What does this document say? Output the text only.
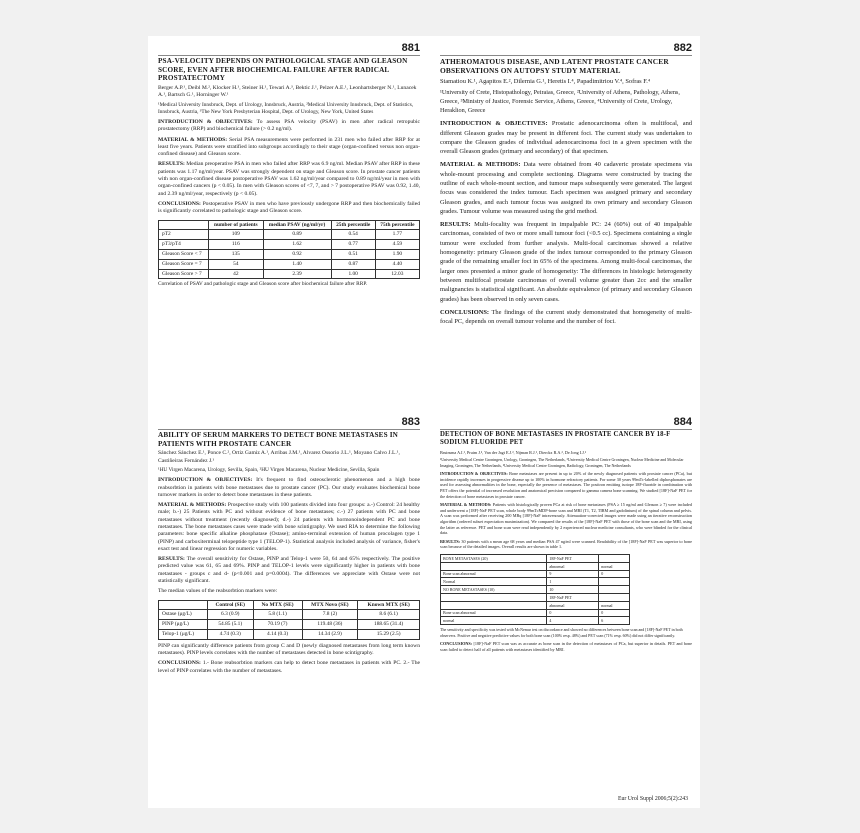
881
PSA-VELOCITY DEPENDS ON PATHOLOGICAL STAGE AND GLEASON SCORE, EVEN AFTER BIOCHEMICAL FAILURE AFTER RADICAL PROSTATECTOMY
Berger A.P.¹, Deibl M.², Klocker H.¹, Steiner H.¹, Tewari A.³, Bektic J.¹, Pelzer A.E.¹, Leonhartsberger N.¹, Lunacek A.¹, Bartsch G.¹, Horninger W.¹
¹Medical University Innsbruck, Dept. of Urology, Innsbruck, Austria, ²Medical University Innsbruck, Dept. of Statistics, Innsbruck, Austria, ³The New York Presbyterian Hospital, Dept. of Urology, New York, United States
INTRODUCTION & OBJECTIVES: To assess PSA velocity (PSAV) in men after radical retropubic prostatectomy (RRP) and biochemical failure (> 0.2 ng/ml).
MATERIAL & METHODS: Serial PSA measurements were performed in 231 men who failed after RRP for at least five years. Patients were stratified into subgroups accordingly to their stage (organ-confined versus non organ-confined disease) and Gleason score.
RESULTS: Median preoperative PSA in men who failed after RRP was 6.9 ng/ml. Median PSAV after RRP in these patients was 1.17 ng/ml/year. PSAV was strongly dependent on stage and Gleason score. In prostate cancer patients with non organ-confined disease postoperative PSAV was 1.62 ng/ml/year compared to 0.89 ng/ml/year in men with organ-confined cancers (p < 0.05). In men with Gleason scores of <7, 7, and > 7 postoperative PSAV was 0.92, 1.40, and 2.39 ng/ml/year, respectively (p < 0.05).
CONCLUSIONS: Postoperative PSAV in men who have previously undergone RRP and then biochemically failed is significantly correlated to pathologic stage and Gleason score.
	number of patients	median PSAV (ng/ml/yr)	25th percentile	75th percentile
pT2	109	0.89	0.54	1.77
pT3/pT4	116	1.62	0.77	4.59
Gleason Score < 7	135	0.92	0.51	1.90
Gleason Score = 7	54	1.40	0.87	4.40
Gleason Score > 7	42	2.39	1.00	12.03
Correlation of PSAV and pathologic stage and Gleason score after biochemical failure after RRP.
882
ATHEROMATOUS DISEASE, AND LATENT PROSTATE CANCER OBSERVATIONS ON AUTOPSY STUDY MATERIAL
Stamatiou K.¹, Agapitos E.², Dilernia G.¹, Heretis I.⁴, Papadimitriou V.⁴, Sofras F.⁴
¹University of Crete, Histopathology, Peiraias, Greece, ²University of Athens, Pathology, Athens, Greece, ³Ministry of Justice, Forensic Service, Athens, Greece, ⁴University of Crete, Urology, Heraklion, Greece
INTRODUCTION & OBJECTIVES: Prostatic adenocarcinoma often is multifocal, and different Gleason grades may be present in different foci. The current study was undertaken to compare the Gleason grades of individual adenocarcinoma foci in a given specimen with the overall Gleason grades (primary and secondary) of that specimen.
MATERIAL & METHODS: Data were obtained from 40 cadaveric prostate specimens via whole-mount processing and complete sectioning. Diagrams were constructed by tracing the outline of each whole-mount section, and tumour maps subsequently were generated. The largest focus was considered the index tumour. Each specimen was assigned primary and secondary Gleason grades, and each tumour focus was assigned its own primary and secondary Gleason grades. Tumour volume was measured using the grid method.
RESULTS: Multi-focality was frequent in impalpable PC: 24 (60%) out of 40 impalpable carcinomas, consisted of two or more small tumour foci (<0.5 cc). Specimens containing a single tumour were excluded from further analysis. Multi-focal carcinomas showed a relative homogeneity: primary Gleason grade of the index tumour corresponded to the primary Gleason grade of the remaining smaller foci in 65% of the specimens. Among multi-focal carcinomas, the larger ones presented a minor grade of homogeneity: The differences in histologic heterogeneity between multifocal prostate carcinomas of overall volume greater than 2cc and the smaller malignancies is statistical significant. An absolute equivalence (of primary and secondary Gleason grades) has been observed in only seven cases.
CONCLUSIONS: The findings of the current study demonstrated that homogeneity of multi-focal PC, depends on overall tumour volume and the number of foci.
883
ABILITY OF SERUM MARKERS TO DETECT BONE METASTASES IN PATIENTS WITH PROSTATE CANCER
Sánchez Sánchez E.¹, Ponce C.², Ortiz Gamiz A.¹, Arribas J.M.¹, Alvarez Ossorio J.L.¹, Moyano Calvo J.L.¹, Castiñeiras Fernández J.¹
¹HU Virgen Macarena, Urology, Sevilla, Spain, ²HU Virgen Macarena, Nuclear Medicine, Sevilla, Spain
INTRODUCTION & OBJECTIVES: It's frequent to find osteosclerotic phenomenon and a high bone reabsorbtion in patients with bone metastases due to prostate cancer (PC). Our study evaluates biochemical bone turnover markers in order to detect bone metastases in these patients.
MATERIAL & METHODS: Prospective study with 100 patients divided into four groups: a.-) Control: 24 healthy male; b.-) 25 Patients with PC and without evidence of bone metastases; c.-) 27 patients with PC and bone metastases without treatment (recently diagnosed); d.-) 24 patients with hormonoindependent PC and bone metastases. The bone metastases cases were made with bone scintigraphy. We used RIA to determine the following parameters: bone specific alkaline phosphatase (Ostase); amino-terminal extension of human procolagen type 1 (PINP) and carboxiterminal telopeptide type 1 (TELOP-1). Statistical analysis included analysis of variance, fisher's exact test and linear regression for numeric variables.
RESULTS: The overall sensitivity for Ostase, PINP and Telop-1 were 50, 64 and 65% respectively. The positive predicted value was 61, 65 and 69%. PINP and TELOP-1 levels were significantly higher in patients with bone metastases - groups c and d- (p<0.001 and p=0.0004). The differences we appreciate with Ostase were not statistically significant.
The median values of the reabsorbtion markers were:
	Control (SE)	No MTX (SE)	MTX Novo (SE)	Known MTX (SE)
Ostase (μg/L)	6.3 (0.9)	5.8 (1.1)	7.8 (2)	8.6 (6.1)
PINP (μg/L)	54.85 (5.1)	70.19 (7)	119.48 (36)	188.65 (31.4)
Telop-1 (μg/L)	4.74 (0.3)	4.14 (0.3)	14.34 (2.9)	15.29 (2.5)
PINP can significantly difference patients from group C and D (newly diagnosed metastases from long term known metastases). PINP levels correlates with the number of metastases detected in bone scintigraphy.
CONCLUSIONS: 1.- Bone reabsorbtion markers can help to detect bone metastases in patients with PC. 2.- The level of PINP correlates with the number of metastases.
884
DETECTION OF BONE METASTASES IN PROSTATE CANCER BY 18-F SODIUM FLUORIDE PET
Bruinsma A.I.¹, Pruim J.², Van der Jagt E.J.³, Nijman R.J.¹, Dierckx R.A.², De Jong I.J.¹
¹University Medical Centre Groningen, Urology, Groningen, The Netherlands, ²University Medical Centre Groningen, Nuclear Medicine and Molecular Imaging, Groningen, The Netherlands, ³University Medical Centre Groningen, Radiology, Groningen, The Netherlands
INTRODUCTION & OBJECTIVES: Bone metastases are present in up to 20% of the newly diagnosed patients with prostate cancer (PCa), but incidence rapidly increases in progressive disease up to 100% in hormone refractory patients. For some 30 years 99mTc-labelled diphosphonates are used for assessing abnormalities in the bone, especially the presence of metastases. The positron emitting isotope 18F-fluoride in combination with PET offers the potential of increased resolution and anatomical precision compared to gamma camera bone scanning. We studied [18F]-NaF PET for the detection of bone metastases in prostate cancer.
MATERIAL & METHODS: Patients with histologically proven PCa at risk of bone metastases (PSA ≥ 15 ng/ml and Gleason ≥ 7) were included and underwent a [18F]-NaF PET scan, whole body 99mTcMDP-bone scan and MRI (T1, T2, TIRM and gadolinium) of the spinal column and pelvis. A scan was performed after receiving 200 MBq [18F]-NaF intravenously. Attenuation-corrected images were made using an iterative reconstruction algorithm (ordered subset expectation maximization). We compared the results of the [18F]-NaF PET with those of the bone scan and the MRI, using the latter as reference. PET and bone scan were read independently by 2 experienced nuclear medicine consultants, who were blinded for the clinical data.
RESULTS: 30 patients with a mean age 68 years and median PSA 47 ng/ml were scanned. Readability of the [18F]-NaF PET was superior to bone scan because of the detailed images. Overall results are shown in table 1.
BONE METASTASES (20)	18F-NaF PET	
	abnormal	normal
Bone scan abnormal	9	0
Normal	1	
NO BONE METASTASES (10)	10	
	18F-NaF PET	
	abnormal	normal
Bone scan abnormal	0	0
normal	4	6
The sensitivity and specificity was tested with McNemar test on discordance and showed no differences between bone scan and [18F]-NaF PET in both observers. Positive and negative predictive values for both bone scan (100% resp. 48%) and PET scan (71% resp. 60%) did not differ significantly.
CONCLUSIONS: [18F]-NaF PET scan was as accurate as bone scan in the detection of metastases of PCa, but superior in details. PET and bone scan failed to detect half of all patients with metastases identified by MRI.
Eur Urol Suppl 2006;5(2):243
